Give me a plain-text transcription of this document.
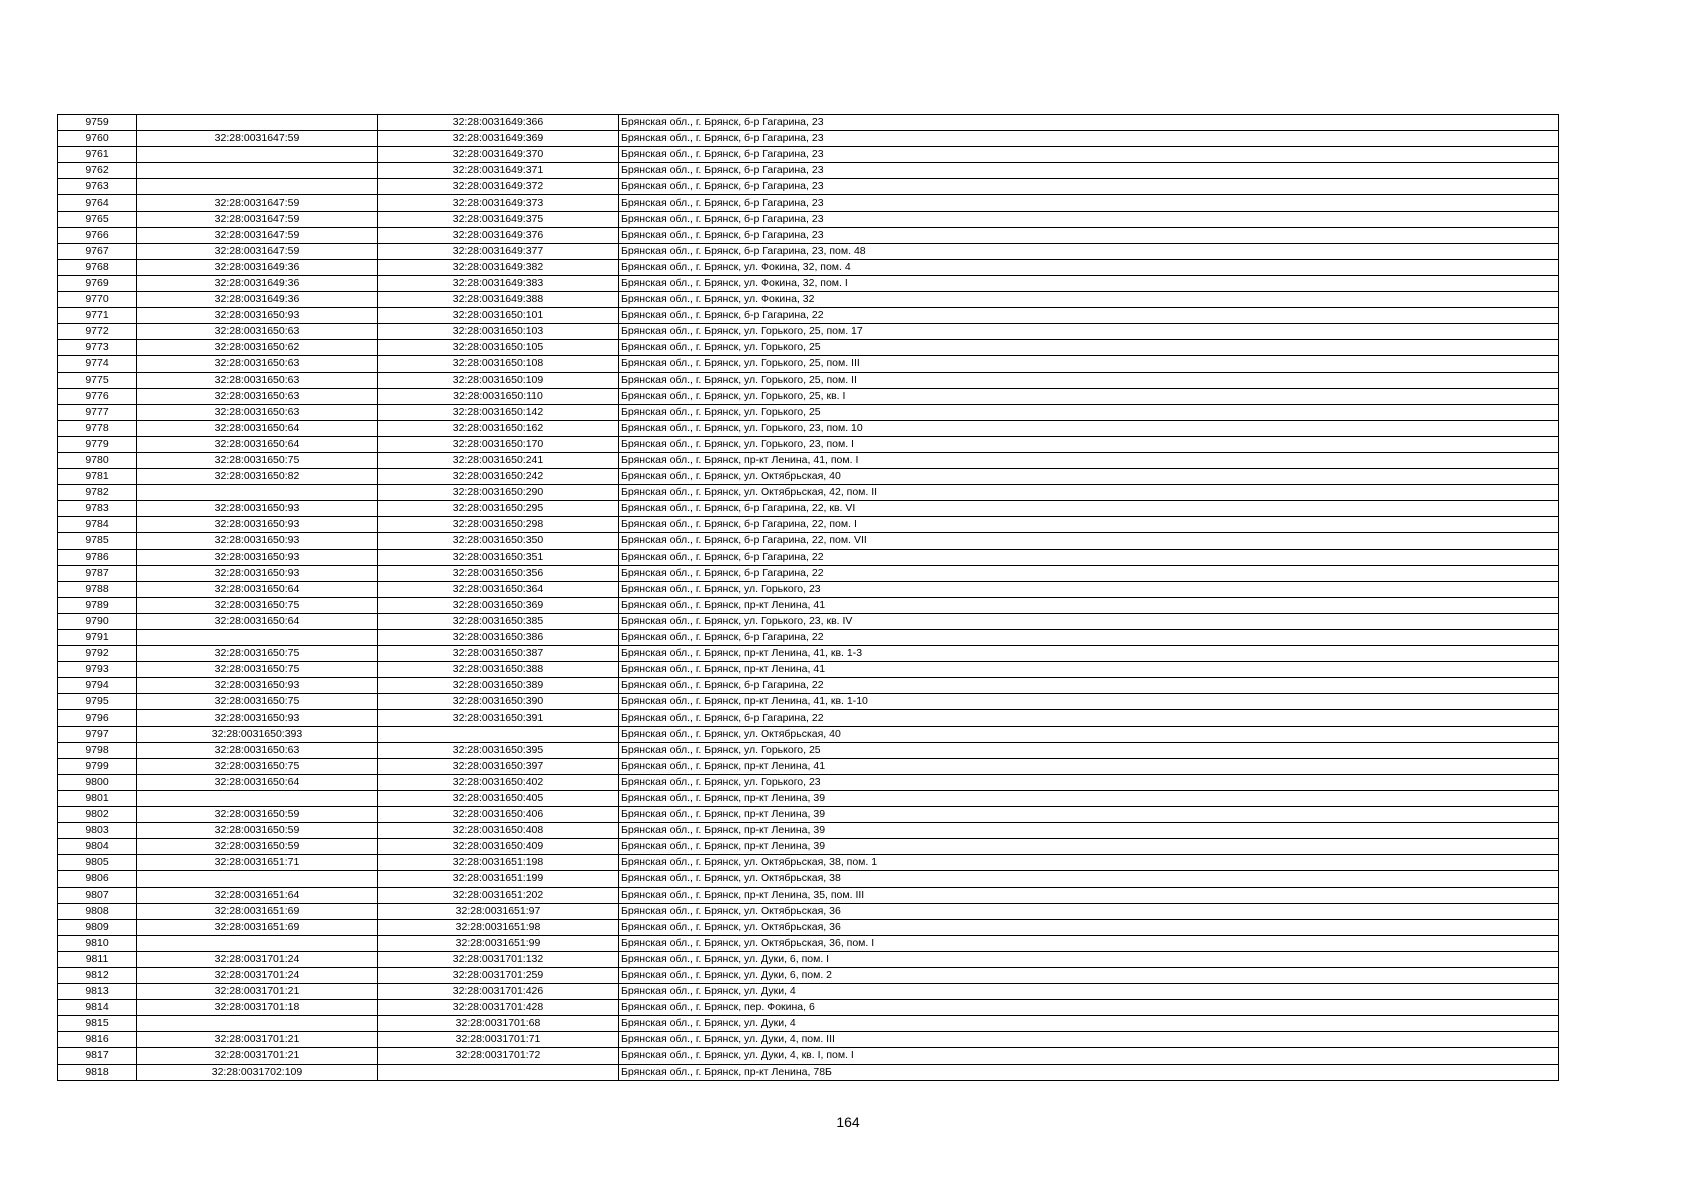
9759		32:28:0031649:366	Брянская обл., г. Брянск, б-р Гагарина, 23
9760	32:28:0031647:59	32:28:0031649:369	Брянская обл., г. Брянск, б-р Гагарина, 23
9761		32:28:0031649:370	Брянская обл., г. Брянск, б-р Гагарина, 23
9762		32:28:0031649:371	Брянская обл., г. Брянск, б-р Гагарина, 23
9763		32:28:0031649:372	Брянская обл., г. Брянск, б-р Гагарина, 23
9764	32:28:0031647:59	32:28:0031649:373	Брянская обл., г. Брянск, б-р Гагарина, 23
9765	32:28:0031647:59	32:28:0031649:375	Брянская обл., г. Брянск, б-р Гагарина, 23
9766	32:28:0031647:59	32:28:0031649:376	Брянская обл., г. Брянск, б-р Гагарина, 23
9767	32:28:0031647:59	32:28:0031649:377	Брянская обл., г. Брянск, б-р Гагарина, 23, пом. 48
9768	32:28:0031649:36	32:28:0031649:382	Брянская обл., г. Брянск, ул. Фокина, 32, пом. 4
9769	32:28:0031649:36	32:28:0031649:383	Брянская обл., г. Брянск, ул. Фокина, 32, пом. I
9770	32:28:0031649:36	32:28:0031649:388	Брянская обл., г. Брянск, ул. Фокина, 32
9771	32:28:0031650:93	32:28:0031650:101	Брянская обл., г. Брянск, б-р Гагарина, 22
9772	32:28:0031650:63	32:28:0031650:103	Брянская обл., г. Брянск, ул. Горького, 25, пом. 17
9773	32:28:0031650:62	32:28:0031650:105	Брянская обл., г. Брянск, ул. Горького, 25
9774	32:28:0031650:63	32:28:0031650:108	Брянская обл., г. Брянск, ул. Горького, 25, пом. III
9775	32:28:0031650:63	32:28:0031650:109	Брянская обл., г. Брянск, ул. Горького, 25, пом. II
9776	32:28:0031650:63	32:28:0031650:110	Брянская обл., г. Брянск, ул. Горького, 25, кв. I
9777	32:28:0031650:63	32:28:0031650:142	Брянская обл., г. Брянск, ул. Горького, 25
9778	32:28:0031650:64	32:28:0031650:162	Брянская обл., г. Брянск, ул. Горького, 23, пом. 10
9779	32:28:0031650:64	32:28:0031650:170	Брянская обл., г. Брянск, ул. Горького, 23, пом. I
9780	32:28:0031650:75	32:28:0031650:241	Брянская обл., г. Брянск, пр-кт Ленина, 41, пом. I
9781	32:28:0031650:82	32:28:0031650:242	Брянская обл., г. Брянск, ул. Октябрьская, 40
9782		32:28:0031650:290	Брянская обл., г. Брянск, ул. Октябрьская, 42, пом. II
9783	32:28:0031650:93	32:28:0031650:295	Брянская обл., г. Брянск, б-р Гагарина, 22, кв. VI
9784	32:28:0031650:93	32:28:0031650:298	Брянская обл., г. Брянск, б-р Гагарина, 22, пом. I
9785	32:28:0031650:93	32:28:0031650:350	Брянская обл., г. Брянск, б-р Гагарина, 22, пом. VII
9786	32:28:0031650:93	32:28:0031650:351	Брянская обл., г. Брянск, б-р Гагарина, 22
9787	32:28:0031650:93	32:28:0031650:356	Брянская обл., г. Брянск, б-р Гагарина, 22
9788	32:28:0031650:64	32:28:0031650:364	Брянская обл., г. Брянск, ул. Горького, 23
9789	32:28:0031650:75	32:28:0031650:369	Брянская обл., г. Брянск, пр-кт Ленина, 41
9790	32:28:0031650:64	32:28:0031650:385	Брянская обл., г. Брянск, ул. Горького, 23, кв. IV
9791		32:28:0031650:386	Брянская обл., г. Брянск, б-р Гагарина, 22
9792	32:28:0031650:75	32:28:0031650:387	Брянская обл., г. Брянск, пр-кт Ленина, 41, кв. 1-3
9793	32:28:0031650:75	32:28:0031650:388	Брянская обл., г. Брянск, пр-кт Ленина, 41
9794	32:28:0031650:93	32:28:0031650:389	Брянская обл., г. Брянск, б-р Гагарина, 22
9795	32:28:0031650:75	32:28:0031650:390	Брянская обл., г. Брянск, пр-кт Ленина, 41, кв. 1-10
9796	32:28:0031650:93	32:28:0031650:391	Брянская обл., г. Брянск, б-р Гагарина, 22
9797	32:28:0031650:393		Брянская обл., г. Брянск, ул. Октябрьская, 40
9798	32:28:0031650:63	32:28:0031650:395	Брянская обл., г. Брянск, ул. Горького, 25
9799	32:28:0031650:75	32:28:0031650:397	Брянская обл., г. Брянск, пр-кт Ленина, 41
9800	32:28:0031650:64	32:28:0031650:402	Брянская обл., г. Брянск, ул. Горького, 23
9801		32:28:0031650:405	Брянская обл., г. Брянск, пр-кт Ленина, 39
9802	32:28:0031650:59	32:28:0031650:406	Брянская обл., г. Брянск, пр-кт Ленина, 39
9803	32:28:0031650:59	32:28:0031650:408	Брянская обл., г. Брянск, пр-кт Ленина, 39
9804	32:28:0031650:59	32:28:0031650:409	Брянская обл., г. Брянск, пр-кт Ленина, 39
9805	32:28:0031651:71	32:28:0031651:198	Брянская обл., г. Брянск, ул. Октябрьская, 38, пом. 1
9806		32:28:0031651:199	Брянская обл., г. Брянск, ул. Октябрьская, 38
9807	32:28:0031651:64	32:28:0031651:202	Брянская обл., г. Брянск, пр-кт Ленина, 35, пом. III
9808	32:28:0031651:69	32:28:0031651:97	Брянская обл., г. Брянск, ул. Октябрьская, 36
9809	32:28:0031651:69	32:28:0031651:98	Брянская обл., г. Брянск, ул. Октябрьская, 36
9810		32:28:0031651:99	Брянская обл., г. Брянск, ул. Октябрьская, 36, пом. I
9811	32:28:0031701:24	32:28:0031701:132	Брянская обл., г. Брянск, ул. Дуки, 6, пом. I
9812	32:28:0031701:24	32:28:0031701:259	Брянская обл., г. Брянск, ул. Дуки, 6, пом. 2
9813	32:28:0031701:21	32:28:0031701:426	Брянская обл., г. Брянск, ул. Дуки, 4
9814	32:28:0031701:18	32:28:0031701:428	Брянская обл., г. Брянск, пер. Фокина, 6
9815		32:28:0031701:68	Брянская обл., г. Брянск, ул. Дуки, 4
9816	32:28:0031701:21	32:28:0031701:71	Брянская обл., г. Брянск, ул. Дуки, 4, пом. III
9817	32:28:0031701:21	32:28:0031701:72	Брянская обл., г. Брянск, ул. Дуки, 4, кв. I, пом. I
9818	32:28:0031702:109		Брянская обл., г. Брянск, пр-кт Ленина, 78Б
164
